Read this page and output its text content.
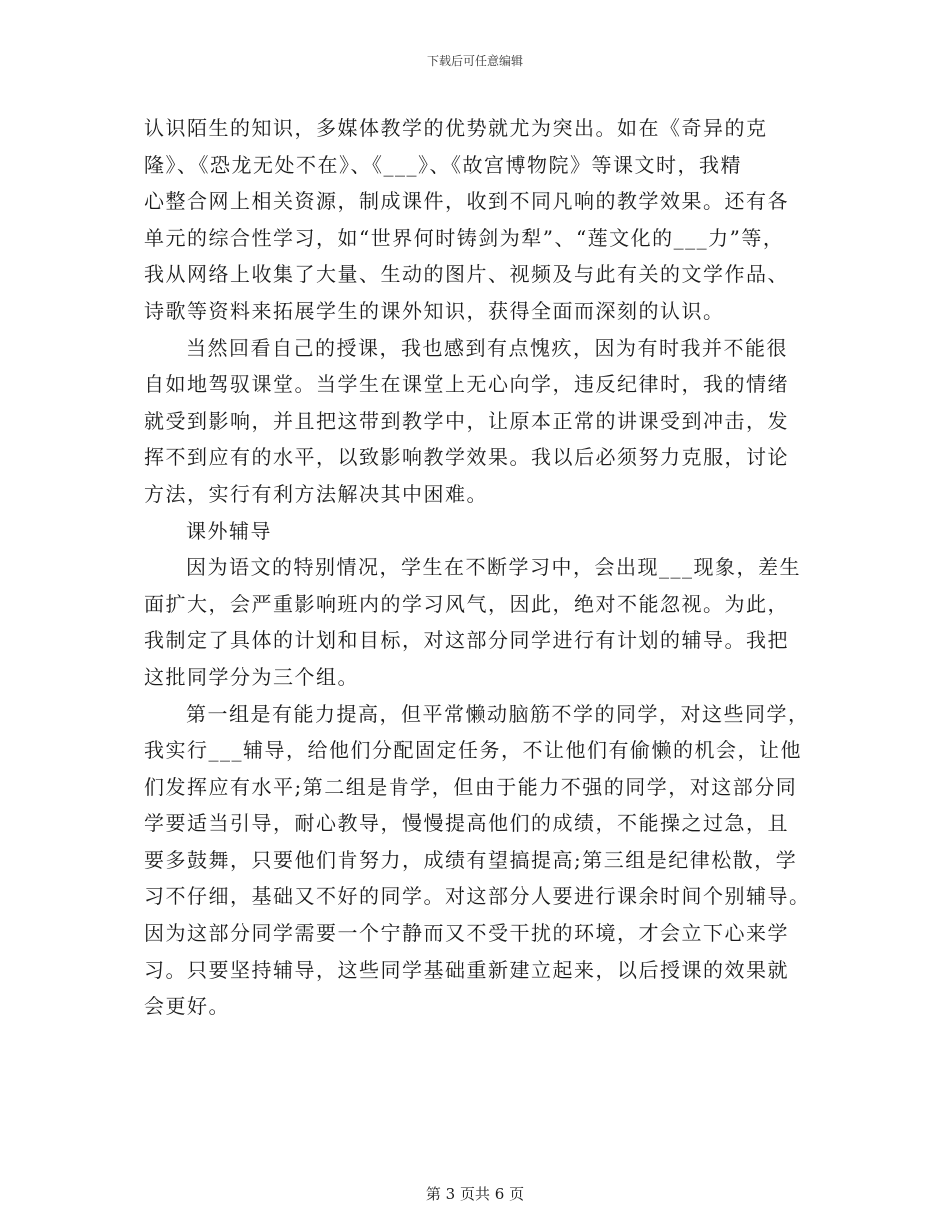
下载后可任意编辑

认识陌生的知识，多媒体教学的优势就尤为突出。如在《奇异的克
隆》、《恐龙无处不在》、《___》、《故宫博物院》等课文时，我精
心整合网上相关资源，制成课件，收到不同凡响的教学效果。还有各
单元的综合性学习，如“世界何时铸剑为犁”、“莲文化的___力”等，
我从网络上收集了大量、生动的图片、视频及与此有关的文学作品、
诗歌等资料来拓展学生的课外知识，获得全面而深刻的认识。

当然回看自己的授课，我也感到有点愧疚，因为有时我并不能很
自如地驾驭课堂。当学生在课堂上无心向学，违反纪律时，我的情绪
就受到影响，并且把这带到教学中，让原本正常的讲课受到冲击，发
挥不到应有的水平，以致影响教学效果。我以后必须努力克服，讨论
方法，实行有利方法解决其中困难。

课外辅导

因为语文的特别情况，学生在不断学习中，会出现___现象，差生
面扩大，会严重影响班内的学习风气，因此，绝对不能忽视。为此，
我制定了具体的计划和目标，对这部分同学进行有计划的辅导。我把
这批同学分为三个组。

第一组是有能力提高，但平常懒动脑筋不学的同学，对这些同学，
我实行___辅导，给他们分配固定任务，不让他们有偷懒的机会，让他
们发挥应有水平;第二组是肯学，但由于能力不强的同学，对这部分同
学要适当引导，耐心教导，慢慢提高他们的成绩，不能操之过急，且
要多鼓舞，只要他们肯努力，成绩有望搞提高;第三组是纪律松散，学
习不仔细，基础又不好的同学。对这部分人要进行课余时间个别辅导。
因为这部分同学需要一个宁静而又不受干扰的环境，才会立下心来学
习。只要坚持辅导，这些同学基础重新建立起来，以后授课的效果就
会更好。

第 3 页共 6 页
